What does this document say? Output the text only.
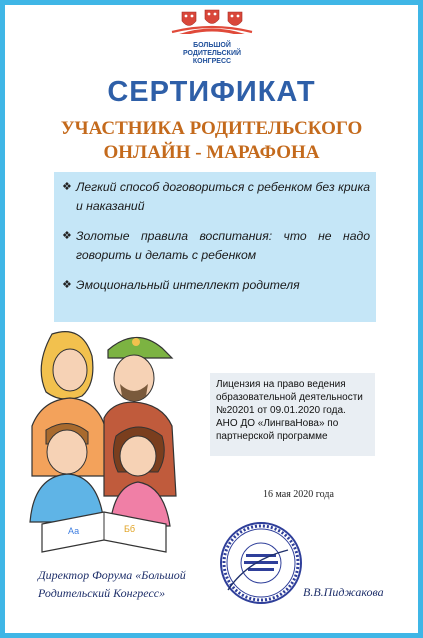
БОЛЬШОЙ
РОДИТЕЛЬСКИЙ
КОНГРЕСС
СЕРТИФИКАТ
УЧАСТНИКА РОДИТЕЛЬСКОГО
ОНЛАЙН - МАРАФОНА
❖ Легкий способ договориться с ребенком без крика и наказаний
❖ Золотые правила воспитания: что не надо говорить и делать с ребенком
❖ Эмоциональный интеллект родителя
Аа	Бб
Лицензия на право ведения
образовательной деятельности
№20201 от 09.01.2020 года.
АНО ДО «ЛингваНова» по
партнерской программе
16 мая 2020 года
Директор Форума «Большой
Родительский Конгресс»	В.В.Пиджакова
